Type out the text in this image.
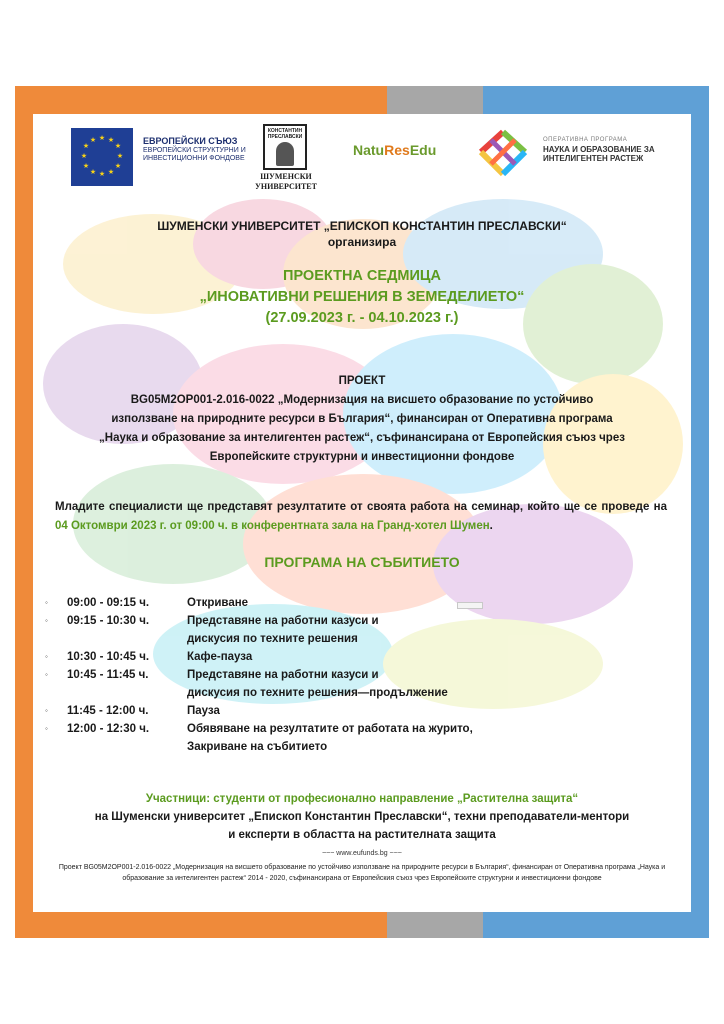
★ ★
★
★
★
★
★
★
★
★
★
★	ЕВРОПЕЙСКИ СЪЮЗ
ЕВРОПЕЙСКИ СТРУКТУРНИ И ИНВЕСТИЦИОННИ ФОНДОВЕ
КОНСТАНТИН ПРЕСЛАВСКИ
ШУМЕНСКИ
УНИВЕРСИТЕТ
NatuResEdu
ОПЕРАТИВНА ПРОГРАМА
НАУКА И ОБРАЗОВАНИЕ ЗА
ИНТЕЛИГЕНТЕН РАСТЕЖ
ШУМЕНСКИ УНИВЕРСИТЕТ „ЕПИСКОП КОНСТАНТИН ПРЕСЛАВСКИ“
организира
ПРОЕКТНА СЕДМИЦА
„ИНОВАТИВНИ РЕШЕНИЯ В ЗЕМЕДЕЛИЕТО“
(27.09.2023 г. - 04.10.2023 г.)
ПРОЕКТ
BG05M2OP001-2.016-0022 „Модернизация на висшето образование по устойчиво
използване на природните ресурси в България“, финансиран от Оперативна програма
„Наука и образование за интелигентен растеж“, съфинансирана от Европейския съюз чрез
Европейските структурни и инвестиционни фондове
Младите специалисти ще представят резултатите от своята работа на семинар, който ще се проведе на 04 Октомври 2023 г. от 09:00 ч. в конферентната зала на Гранд-хотел Шумен.
ПРОГРАМА НА СЪБИТИЕТО
◦ 09:00 - 09:15 ч.	Откриване
◦ 09:15 - 10:30 ч.	Представяне на работни казуси и
дискусия по техните решения
◦ 10:30 - 10:45 ч.	Кафе-пауза
◦ 10:45 - 11:45 ч.	Представяне на работни казуси и
дискусия по техните решения—продължение
◦ 11:45 - 12:00 ч.	Пауза
◦ 12:00 - 12:30 ч.	Обявяване на резултатите от работата на журито,
Закриване на събитието
Участници: студенти от професионално направление „Растителна защита“
на Шуменски университет „Епископ Константин Преславски“, техни преподаватели-ментори
и експерти в областта на растителната защита
~~~ www.eufunds.bg ~~~
Проект BG05M2OP001-2.016-0022 „Модернизация на висшето образование по устойчиво използване на природните ресурси в България“, финансиран от Оперативна програма „Наука и образование за интелигентен растеж“ 2014 - 2020, съфинансирана от Европейския съюз чрез Европейските структурни и инвестиционни фондове
